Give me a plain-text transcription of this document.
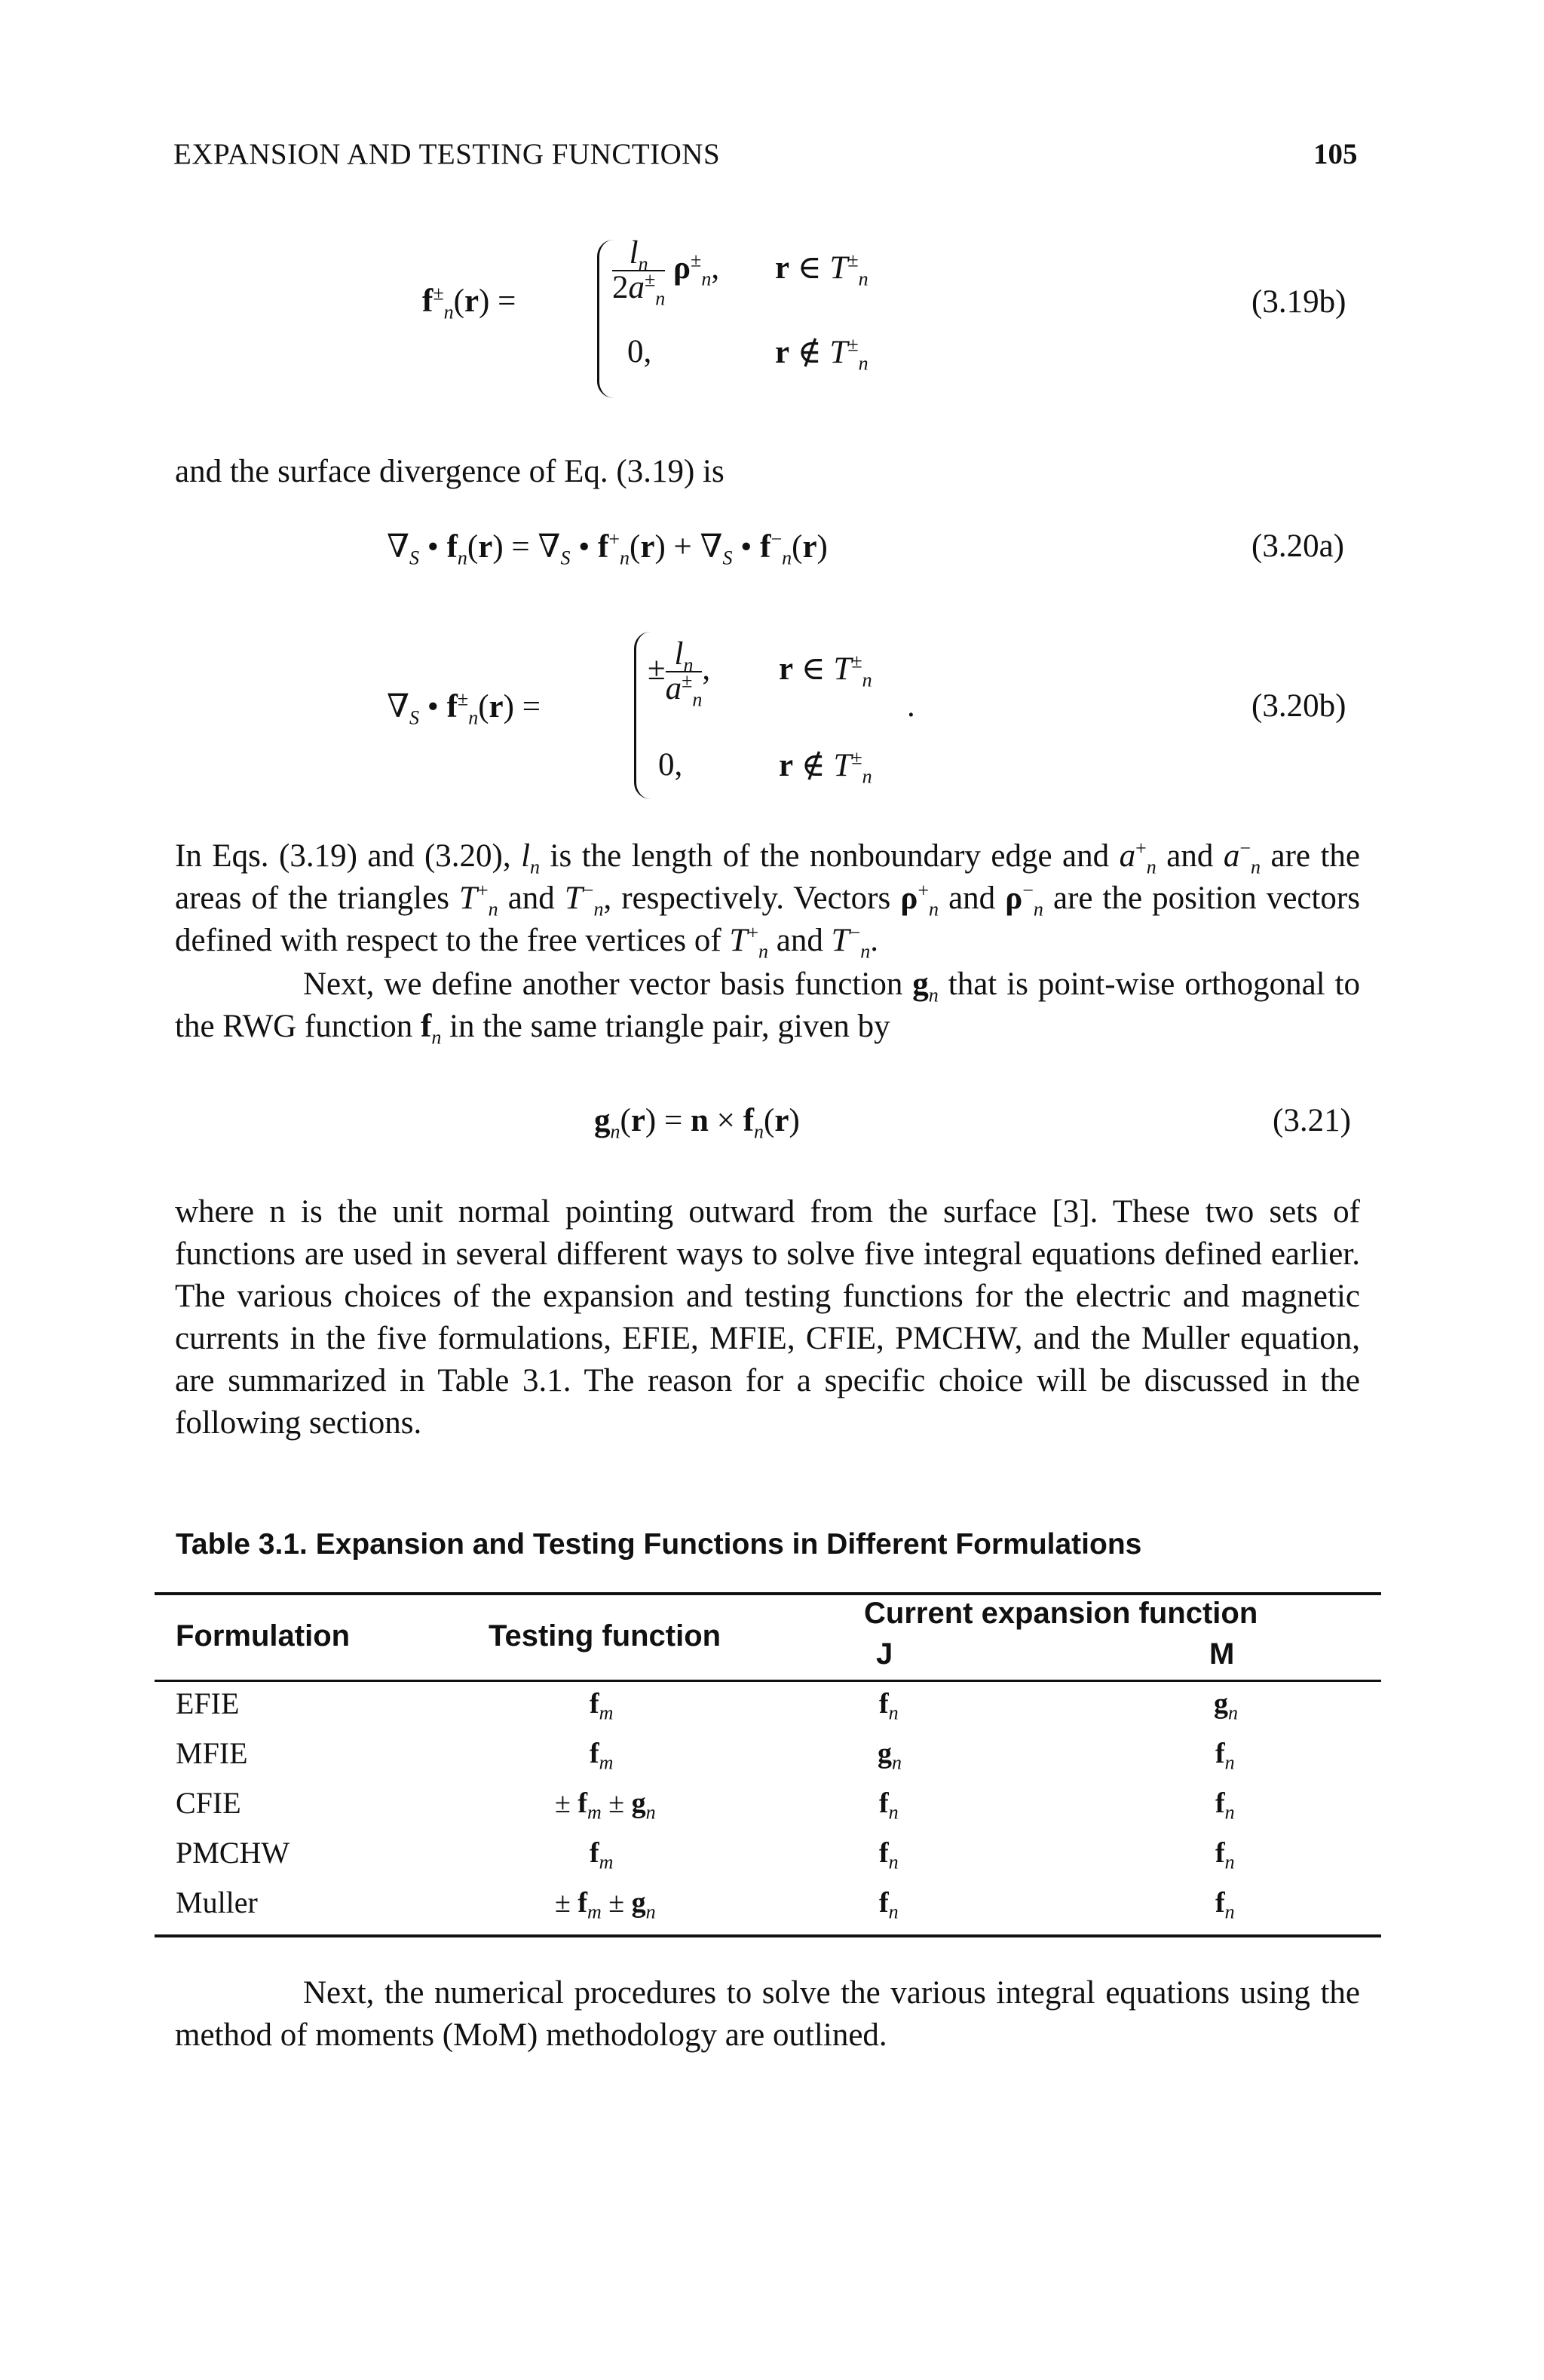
EXPANSION AND TESTING FUNCTIONS	105
$f^\pm_n(r)$ =	$\frac{l_n}{2a^\pm_n} \rho^\pm_n$, r ∈ $T^\pm_n$
0,	r ∉ $T^\pm_n$
(3.19b)
and the surface divergence of Eq. (3.19) is
$\nabla_S$ • $f_n(r) = \nabla_S$ • $f^+_n(r) + \nabla_S$ • $f^-_n(r)$	(3.20a)
$\nabla_S$ • $f^\pm_n(r)$ =
± $\frac{l_n}{a^\pm_n}$ , r ∈ $T^\pm_n$
.
0,	r ∉ $T^\pm_n$
(3.20b)
In Eqs. (3.19) and (3.20), $l_n$ is the length of the nonboundary edge and $a^+_n$ and $a^-_n$ are the areas of the triangles $T^+_n$ and $T^-_n$, respectively. Vectors $\rho^+_n$ and $\rho^-_n$ are the position vectors defined with respect to the free vertices of $T^+_n$ and $T^-_n$.
Next, we define another vector basis function $g_n$ that is point-wise orthogonal to the RWG function $f_n$ in the same triangle pair, given by
$g_n(r) = n \times f_n(r)$	(3.21)
where n is the unit normal pointing outward from the surface [3]. These two sets of functions are used in several different ways to solve five integral equations defined earlier. The various choices of the expansion and testing functions for the electric and magnetic currents in the five formulations, EFIE, MFIE, CFIE, PMCHW, and the Muller equation, are summarized in Table 3.1. The reason for a specific choice will be discussed in the following sections.
Table 3.1. Expansion and Testing Functions in Different Formulations
Formulation	Testing function
Current expansion function
J	M
EFIE	$f_m$	$f_n$	$g_n$
MFIE	$f_m$	$g_n$	$f_n$
CFIE	± $f_m \pm g_n$	$f_n$	$f_n$
PMCHW	$f_m$	$f_n$	$f_n$
Muller	± $f_m \pm g_n$	$f_n$	$f_n$
Next, the numerical procedures to solve the various integral equations using the method of moments (MoM) methodology are outlined.
